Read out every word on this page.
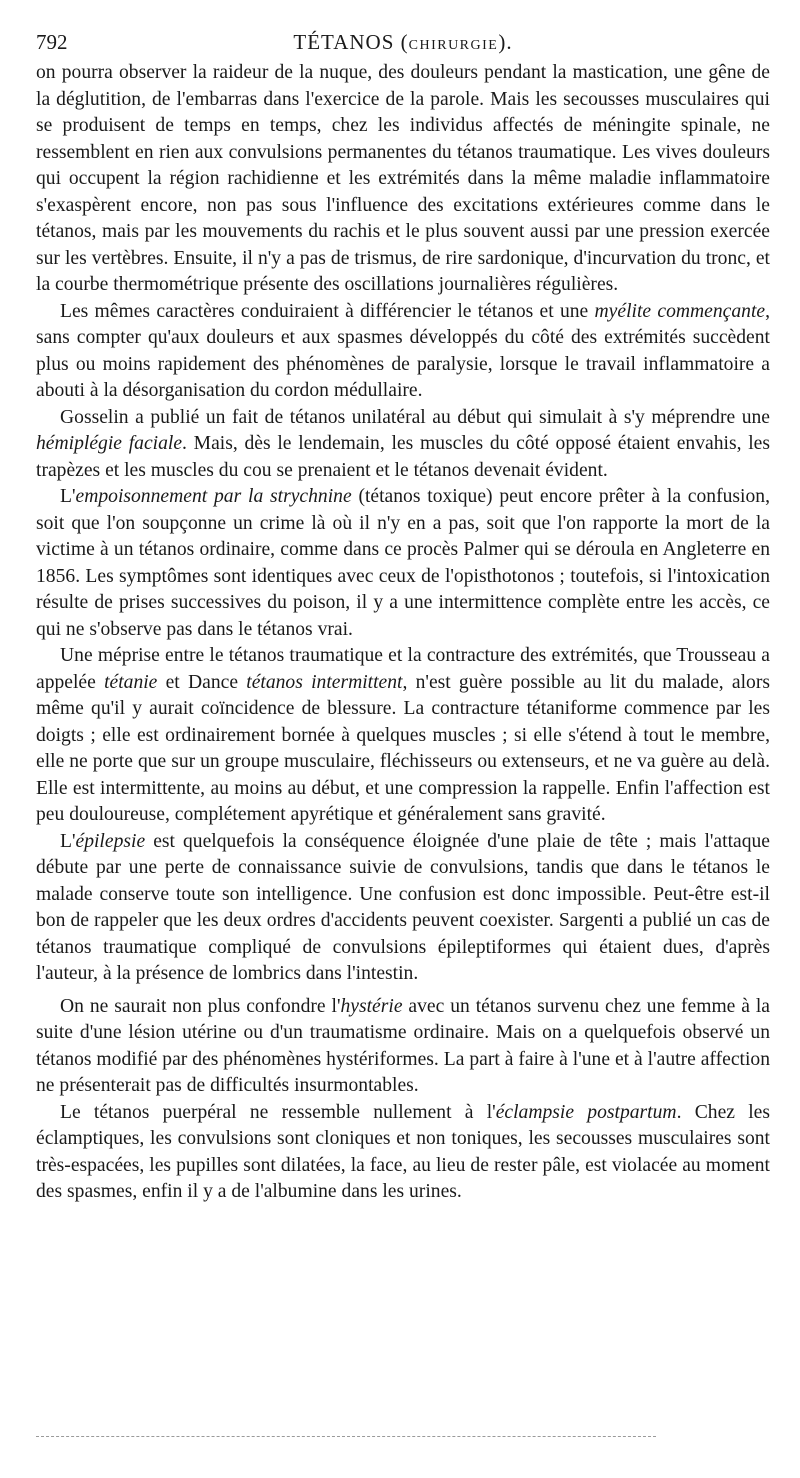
792	TÉTANOS (CHIRURGIE).

on pourra observer la raideur de la nuque, des douleurs pendant la mastication, une gêne de la déglutition, de l'embarras dans l'exercice de la parole. Mais les secousses musculaires qui se produisent de temps en temps, chez les individus affectés de méningite spinale, ne ressemblent en rien aux convulsions permanentes du tétanos traumatique. Les vives douleurs qui occupent la région rachidienne et les extrémités dans la même maladie inflammatoire s'exaspèrent encore, non pas sous l'influence des excitations extérieures comme dans le tétanos, mais par les mouvements du rachis et le plus souvent aussi par une pression exercée sur les vertèbres. Ensuite, il n'y a pas de trismus, de rire sardonique, d'incurvation du tronc, et la courbe thermométrique présente des oscillations journalières régulières.

Les mêmes caractères conduiraient à différencier le tétanos et une myélite commençante, sans compter qu'aux douleurs et aux spasmes développés du côté des extrémités succèdent plus ou moins rapidement des phénomènes de paralysie, lorsque le travail inflammatoire a abouti à la désorganisation du cordon médullaire.

Gosselin a publié un fait de tétanos unilatéral au début qui simulait à s'y méprendre une hémiplégie faciale. Mais, dès le lendemain, les muscles du côté opposé étaient envahis, les trapèzes et les muscles du cou se prenaient et le tétanos devenait évident.

L'empoisonnement par la strychnine (tétanos toxique) peut encore prêter à la confusion, soit que l'on soupçonne un crime là où il n'y en a pas, soit que l'on rapporte la mort de la victime à un tétanos ordinaire, comme dans ce procès Palmer qui se déroula en Angleterre en 1856. Les symptômes sont identiques avec ceux de l'opisthotonos ; toutefois, si l'intoxication résulte de prises successives du poison, il y a une intermittence complète entre les accès, ce qui ne s'observe pas dans le tétanos vrai.

Une méprise entre le tétanos traumatique et la contracture des extrémités, que Trousseau a appelée tétanie et Dance tétanos intermittent, n'est guère possible au lit du malade, alors même qu'il y aurait coïncidence de blessure. La contracture tétaniforme commence par les doigts ; elle est ordinairement bornée à quelques muscles ; si elle s'étend à tout le membre, elle ne porte que sur un groupe musculaire, fléchisseurs ou extenseurs, et ne va guère au delà. Elle est intermittente, au moins au début, et une compression la rappelle. Enfin l'affection est peu douloureuse, complétement apyrétique et généralement sans gravité.

L'épilepsie est quelquefois la conséquence éloignée d'une plaie de tête ; mais l'attaque débute par une perte de connaissance suivie de convulsions, tandis que dans le tétanos le malade conserve toute son intelligence. Une confusion est donc impossible. Peut-être est-il bon de rappeler que les deux ordres d'accidents peuvent coexister. Sargenti a publié un cas de tétanos traumatique compliqué de convulsions épileptiformes qui étaient dues, d'après l'auteur, à la présence de lombrics dans l'intestin.

On ne saurait non plus confondre l'hystérie avec un tétanos survenu chez une femme à la suite d'une lésion utérine ou d'un traumatisme ordinaire. Mais on a quelquefois observé un tétanos modifié par des phénomènes hystériformes. La part à faire à l'une et à l'autre affection ne présenterait pas de difficultés insurmontables.

Le tétanos puerpéral ne ressemble nullement à l'éclampsie postpartum. Chez les éclamptiques, les convulsions sont cloniques et non toniques, les secousses musculaires sont très-espacées, les pupilles sont dilatées, la face, au lieu de rester pâle, est violacée au moment des spasmes, enfin il y a de l'albumine dans les urines.
